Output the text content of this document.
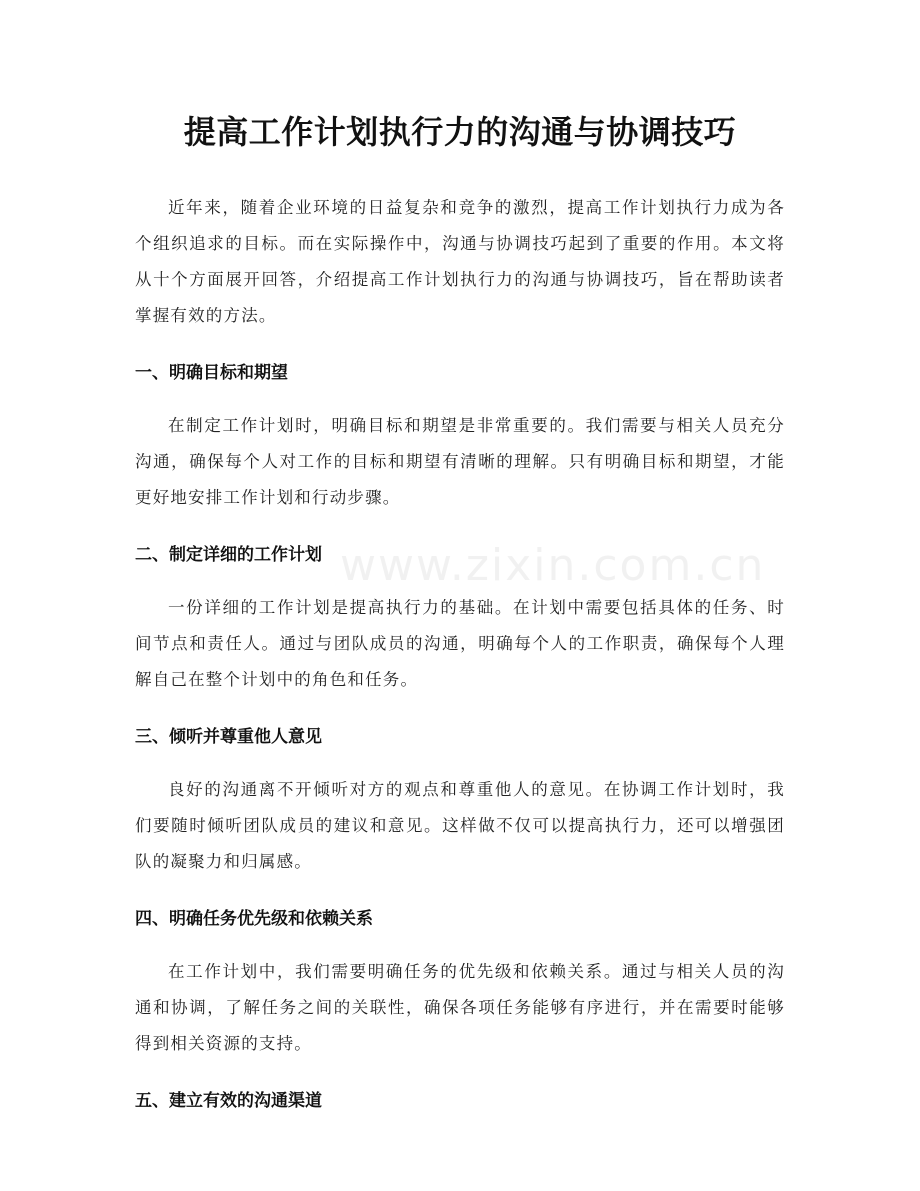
提高工作计划执行力的沟通与协调技巧

近年来，随着企业环境的日益复杂和竞争的激烈，提高工作计划执行力成为各个组织追求的目标。而在实际操作中，沟通与协调技巧起到了重要的作用。本文将从十个方面展开回答，介绍提高工作计划执行力的沟通与协调技巧，旨在帮助读者掌握有效的方法。

一、明确目标和期望

在制定工作计划时，明确目标和期望是非常重要的。我们需要与相关人员充分沟通，确保每个人对工作的目标和期望有清晰的理解。只有明确目标和期望，才能更好地安排工作计划和行动步骤。

二、制定详细的工作计划

一份详细的工作计划是提高执行力的基础。在计划中需要包括具体的任务、时间节点和责任人。通过与团队成员的沟通，明确每个人的工作职责，确保每个人理解自己在整个计划中的角色和任务。

三、倾听并尊重他人意见

良好的沟通离不开倾听对方的观点和尊重他人的意见。在协调工作计划时，我们要随时倾听团队成员的建议和意见。这样做不仅可以提高执行力，还可以增强团队的凝聚力和归属感。

四、明确任务优先级和依赖关系

在工作计划中，我们需要明确任务的优先级和依赖关系。通过与相关人员的沟通和协调，了解任务之间的关联性，确保各项任务能够有序进行，并在需要时能够得到相关资源的支持。

五、建立有效的沟通渠道
www.zixin.com.cn
